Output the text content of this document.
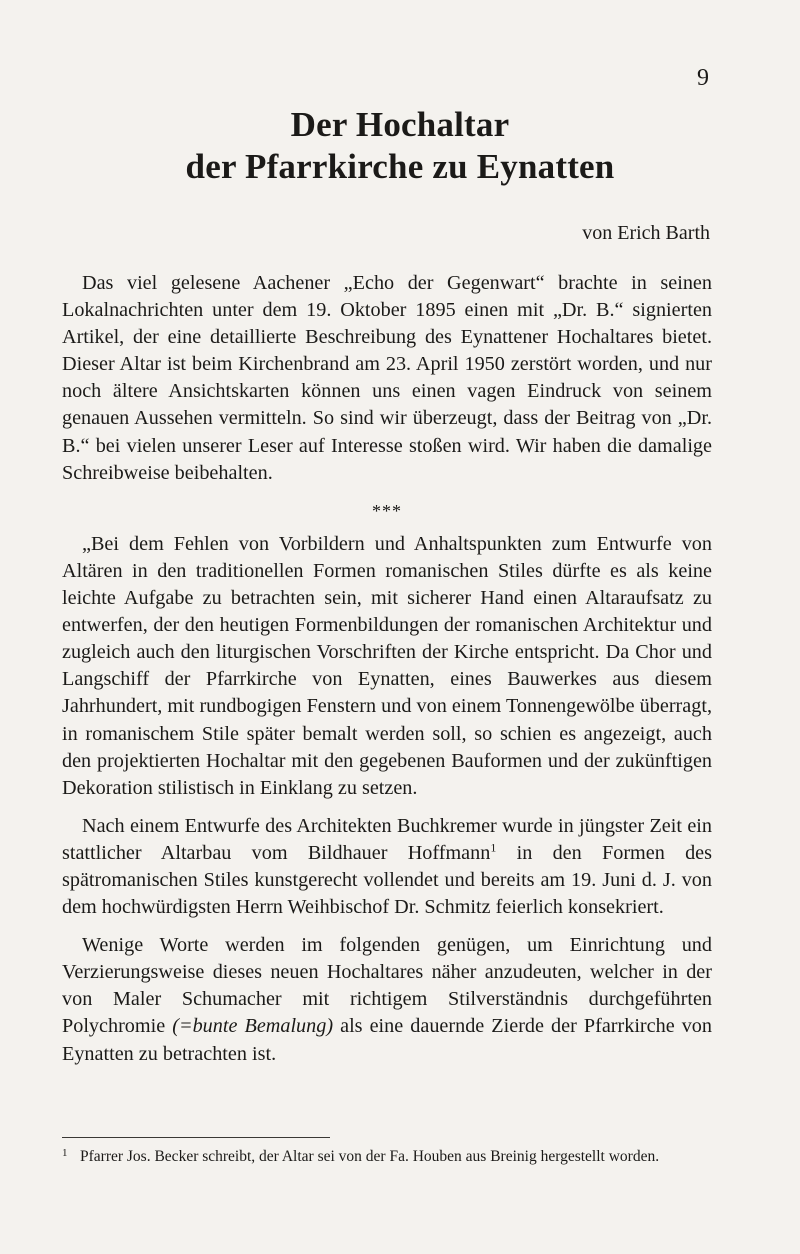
9
Der Hochaltar
der Pfarrkirche zu Eynatten
von Erich Barth

Das viel gelesene Aachener „Echo der Gegenwart“ brachte in seinen Lokalnachrichten unter dem 19. Oktober 1895 einen mit „Dr. B.“ signierten Artikel, der eine detaillierte Beschreibung des Eynattener Hochaltares bietet. Dieser Altar ist beim Kirchenbrand am 23. April 1950 zerstört worden, und nur noch ältere Ansichtskarten können uns einen vagen Eindruck von seinem genauen Aussehen vermitteln. So sind wir überzeugt, dass der Beitrag von „Dr. B.“ bei vielen unserer Leser auf Interesse stoßen wird. Wir haben die damalige Schreibweise beibehalten.

***

„Bei dem Fehlen von Vorbildern und Anhaltspunkten zum Entwurfe von Altären in den traditionellen Formen romanischen Stiles dürfte es als keine leichte Aufgabe zu betrachten sein, mit sicherer Hand einen Altaraufsatz zu entwerfen, der den heutigen Formenbildungen der romanischen Architektur und zugleich auch den liturgischen Vorschriften der Kirche entspricht. Da Chor und Langschiff der Pfarrkirche von Eynatten, eines Bauwerkes aus diesem Jahrhundert, mit rundbogigen Fenstern und von einem Tonnengewölbe überragt, in romanischem Stile später bemalt werden soll, so schien es angezeigt, auch den projektierten Hochaltar mit den gegebenen Bauformen und der zukünftigen Dekoration stilistisch in Einklang zu setzen.

Nach einem Entwurfe des Architekten Buchkremer wurde in jüngster Zeit ein stattlicher Altarbau vom Bildhauer Hoffmann$^1$ in den Formen des spätromanischen Stiles kunstgerecht vollendet und bereits am 19. Juni d. J. von dem hochwürdigsten Herrn Weihbischof Dr. Schmitz feierlich konsekriert.

Wenige Worte werden im folgenden genügen, um Einrichtung und Verzierungsweise dieses neuen Hochaltares näher anzudeuten, welcher in der von Maler Schumacher mit richtigem Stilverständnis durchgeführten Polychromie (=bunte Bemalung) als eine dauernde Zierde der Pfarrkirche von Eynatten zu betrachten ist.

1 Pfarrer Jos. Becker schreibt, der Altar sei von der Fa. Houben aus Breinig hergestellt worden.
